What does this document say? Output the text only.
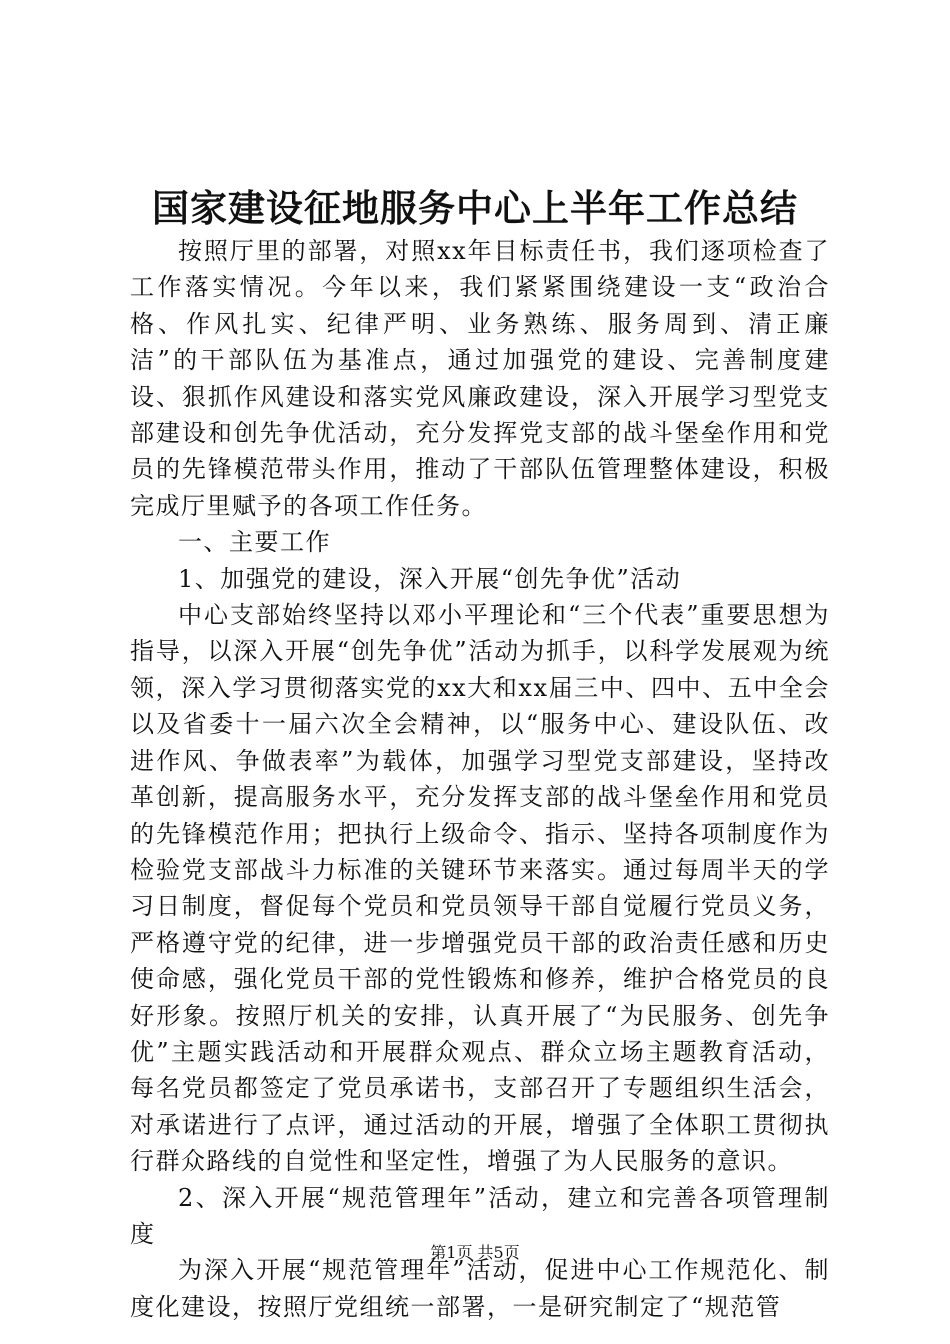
国家建设征地服务中心上半年工作总结

按照厅里的部署，对照xx年目标责任书，我们逐项检查了工作落实情况。今年以来，我们紧紧围绕建设一支“政治合格、作风扎实、纪律严明、业务熟练、服务周到、清正廉洁”的干部队伍为基准点，通过加强党的建设、完善制度建设、狠抓作风建设和落实党风廉政建设，深入开展学习型党支部建设和创先争优活动，充分发挥党支部的战斗堡垒作用和党员的先锋模范带头作用，推动了干部队伍管理整体建设，积极完成厅里赋予的各项工作任务。

一、主要工作

1、加强党的建设，深入开展“创先争优”活动

中心支部始终坚持以邓小平理论和“三个代表”重要思想为指导，以深入开展“创先争优”活动为抓手，以科学发展观为统领，深入学习贯彻落实党的xx大和xx届三中、四中、五中全会以及省委十一届六次全会精神，以“服务中心、建设队伍、改进作风、争做表率”为载体，加强学习型党支部建设，坚持改革创新，提高服务水平，充分发挥支部的战斗堡垒作用和党员的先锋模范作用；把执行上级命令、指示、坚持各项制度作为检验党支部战斗力标准的关键环节来落实。通过每周半天的学习日制度，督促每个党员和党员领导干部自觉履行党员义务，严格遵守党的纪律，进一步增强党员干部的政治责任感和历史使命感，强化党员干部的党性锻炼和修养，维护合格党员的良好形象。按照厅机关的安排，认真开展了“为民服务、创先争优”主题实践活动和开展群众观点、群众立场主题教育活动，每名党员都签定了党员承诺书，支部召开了专题组织生活会，对承诺进行了点评，通过活动的开展，增强了全体职工贯彻执行群众路线的自觉性和坚定性，增强了为人民服务的意识。

2、深入开展“规范管理年”活动，建立和完善各项管理制度

为深入开展“规范管理年”活动，促进中心工作规范化、制度化建设，按照厅党组统一部署，一是研究制定了“规范管

第1页 共5页
